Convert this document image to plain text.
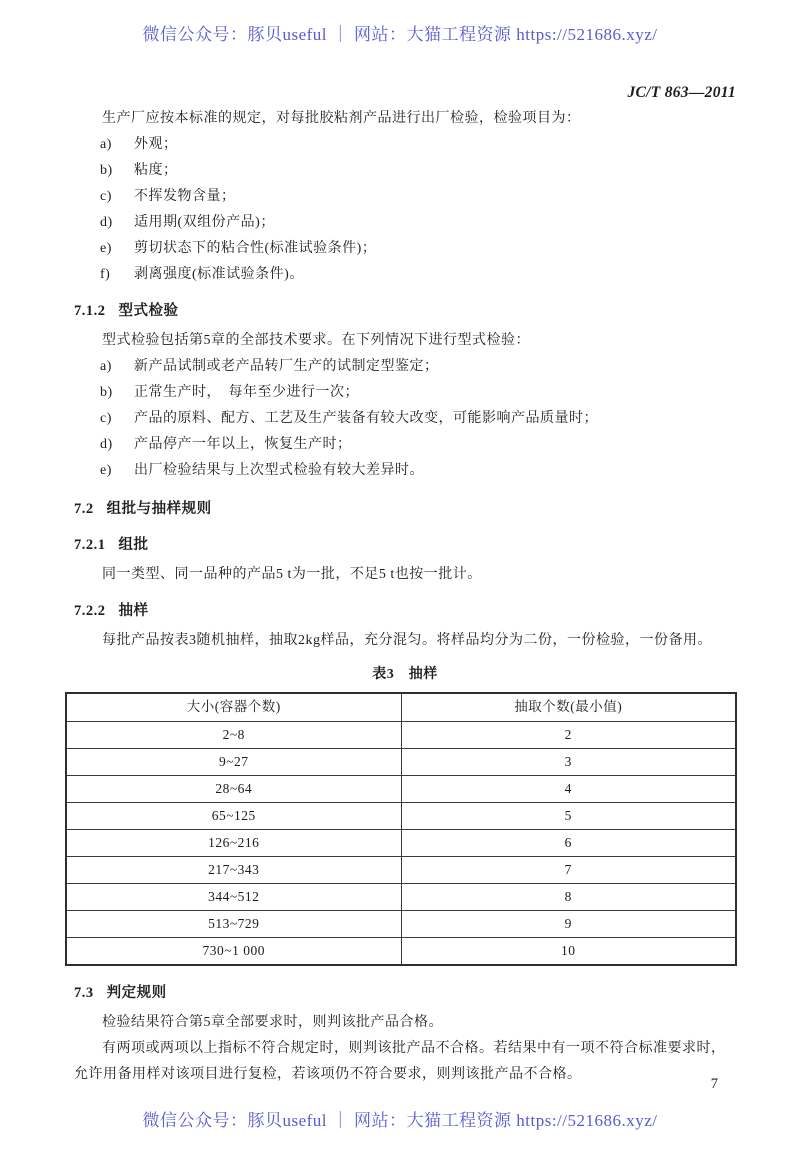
微信公众号：豚贝useful ｜ 网站：大猫工程资源 https://521686.xyz/
JC/T 863—2011

生产厂应按本标准的规定，对每批胶粘剂产品进行出厂检验，检验项目为：

a)	外观；
b)	粘度；
c)	不挥发物含量；
d)	适用期(双组份产品)；
e)	剪切状态下的粘合性(标准试验条件)；
f)	剥离强度(标准试验条件)。
7.1.2 型式检验

型式检验包括第5章的全部技术要求。在下列情况下进行型式检验：

a)	新产品试制或老产品转厂生产的试制定型鉴定；
b)	正常生产时，　每年至少进行一次；
c)	产品的原料、配方、工艺及生产装备有较大改变，可能影响产品质量时；
d)	产品停产一年以上，恢复生产时；
e)	出厂检验结果与上次型式检验有较大差异时。
7.2 组批与抽样规则
7.2.1 组批

同一类型、同一品种的产品5 t为一批，不足5 t也按一批计。

7.2.2 抽样

每批产品按表3随机抽样，抽取2kg样品，充分混匀。将样品均分为二份，一份检验，一份备用。

表3　抽样
大小(容器个数)	抽取个数(最小值)
2~8	2
9~27	3
28~64	4
65~125	5
126~216	6
217~343	7
344~512	8
513~729	9
730~1 000	10
7.3 判定规则

检验结果符合第5章全部要求时，则判该批产品合格。

有两项或两项以上指标不符合规定时，则判该批产品不合格。若结果中有一项不符合标准要求时，允许用备用样对该项目进行复检，若该项仍不符合要求，则判该批产品不合格。

7
微信公众号：豚贝useful ｜ 网站：大猫工程资源 https://521686.xyz/
